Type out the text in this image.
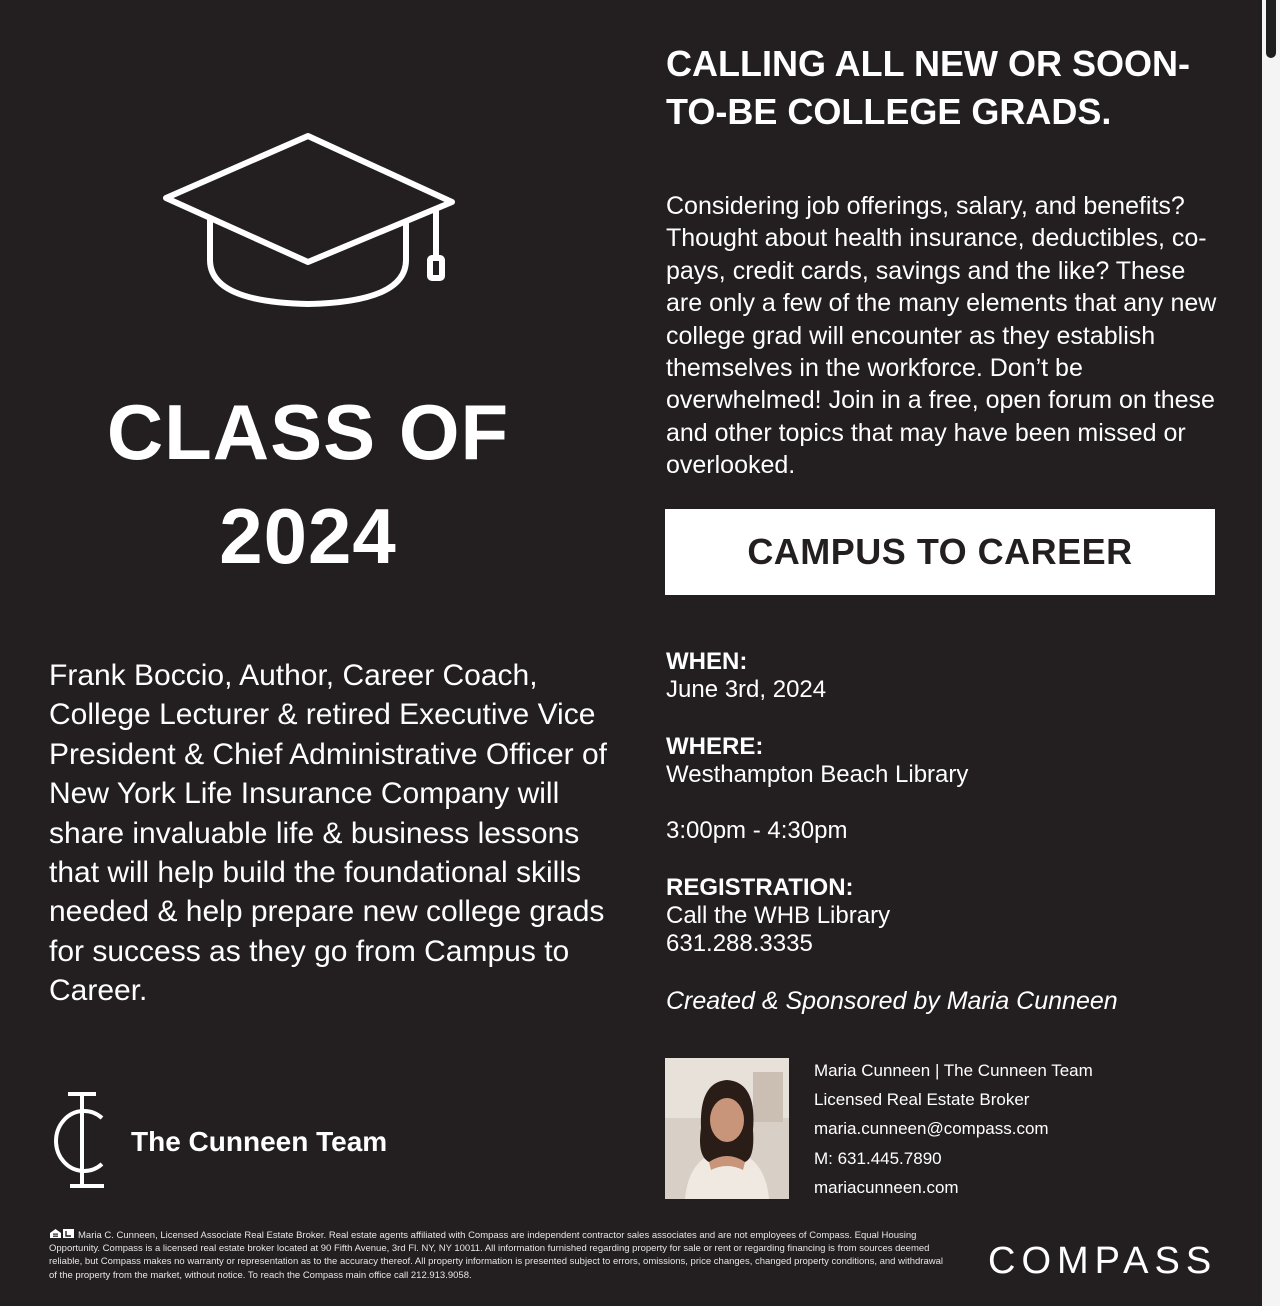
CLASS OF
2024
Frank Boccio, Author, Career Coach, College Lecturer & retired Executive Vice President & Chief Administrative Officer of New York Life Insurance Company will share invaluable life & business lessons that will help build the foundational skills needed & help prepare new college grads for success as they go from Campus to Career.
CALLING ALL NEW OR SOON-TO-BE COLLEGE GRADS.
Considering job offerings, salary, and benefits? Thought about health insurance, deductibles, co-pays, credit cards, savings and the like? These are only a few of the many elements that any new college grad will encounter as they establish themselves in the workforce. Don’t be overwhelmed! Join in a free, open forum on these and other topics that may have been missed or overlooked.
CAMPUS TO CAREER
WHEN:
June 3rd, 2024
WHERE:
Westhampton Beach Library
3:00pm - 4:30pm
REGISTRATION:
Call the WHB Library
631.288.3335
Created & Sponsored by Maria Cunneen
Maria Cunneen | The Cunneen Team
Licensed Real Estate Broker
maria.cunneen@compass.com
M: 631.445.7890
mariacunneen.com
The Cunneen Team
Maria C. Cunneen, Licensed Associate Real Estate Broker. Real estate agents affiliated with Compass are independent contractor sales associates and are not employees of Compass. Equal Housing Opportunity. Compass is a licensed real estate broker located at 90 Fifth Avenue, 3rd Fl. NY, NY 10011. All information furnished regarding property for sale or rent or regarding financing is from sources deemed reliable, but Compass makes no warranty or representation as to the accuracy thereof. All property information is presented subject to errors, omissions, price changes, changed property conditions, and withdrawal of the property from the market, without notice. To reach the Compass main office call 212.913.9058.	COMPASS
